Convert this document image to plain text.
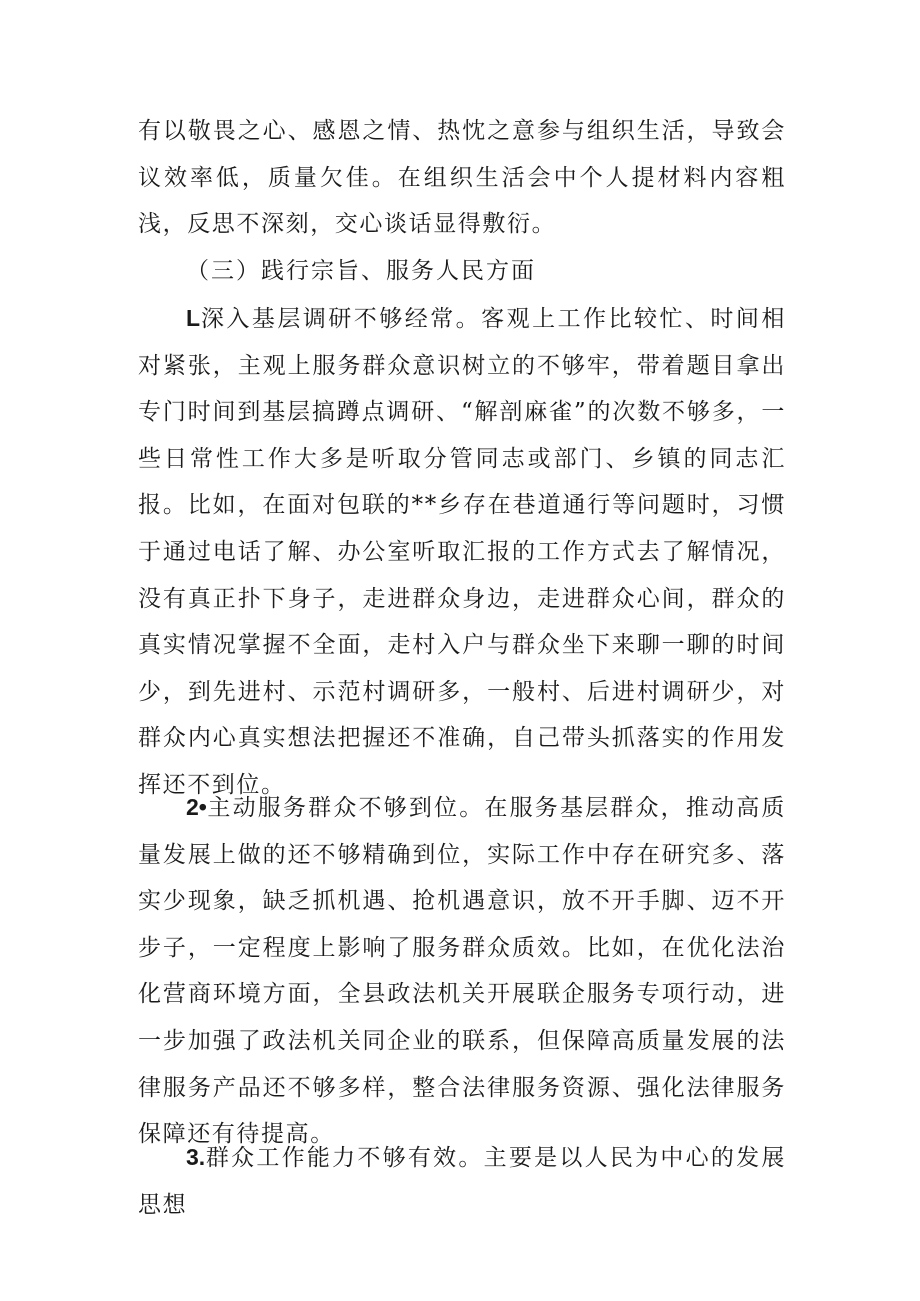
有以敬畏之心、感恩之情、热忱之意参与组织生活，导致会议效率低，质量欠佳。在组织生活会中个人提材料内容粗浅，反思不深刻，交心谈话显得敷衍。

（三）践行宗旨、服务人民方面

L深入基层调研不够经常。客观上工作比较忙、时间相对紧张，主观上服务群众意识树立的不够牢，带着题目拿出专门时间到基层搞蹲点调研、“解剖麻雀”的次数不够多，一些日常性工作大多是听取分管同志或部门、乡镇的同志汇报。比如，在面对包联的**乡存在巷道通行等问题时，习惯于通过电话了解、办公室听取汇报的工作方式去了解情况，没有真正扑下身子，走进群众身边，走进群众心间，群众的真实情况掌握不全面，走村入户与群众坐下来聊一聊的时间少，到先进村、示范村调研多，一般村、后进村调研少，对群众内心真实想法把握还不准确，自己带头抓落实的作用发挥还不到位。

2•主动服务群众不够到位。在服务基层群众，推动高质量发展上做的还不够精确到位，实际工作中存在研究多、落实少现象，缺乏抓机遇、抢机遇意识，放不开手脚、迈不开步子，一定程度上影响了服务群众质效。比如，在优化法治化营商环境方面，全县政法机关开展联企服务专项行动，进一步加强了政法机关同企业的联系，但保障高质量发展的法律服务产品还不够多样，整合法律服务资源、强化法律服务保障还有待提高。

3.群众工作能力不够有效。主要是以人民为中心的发展思想
